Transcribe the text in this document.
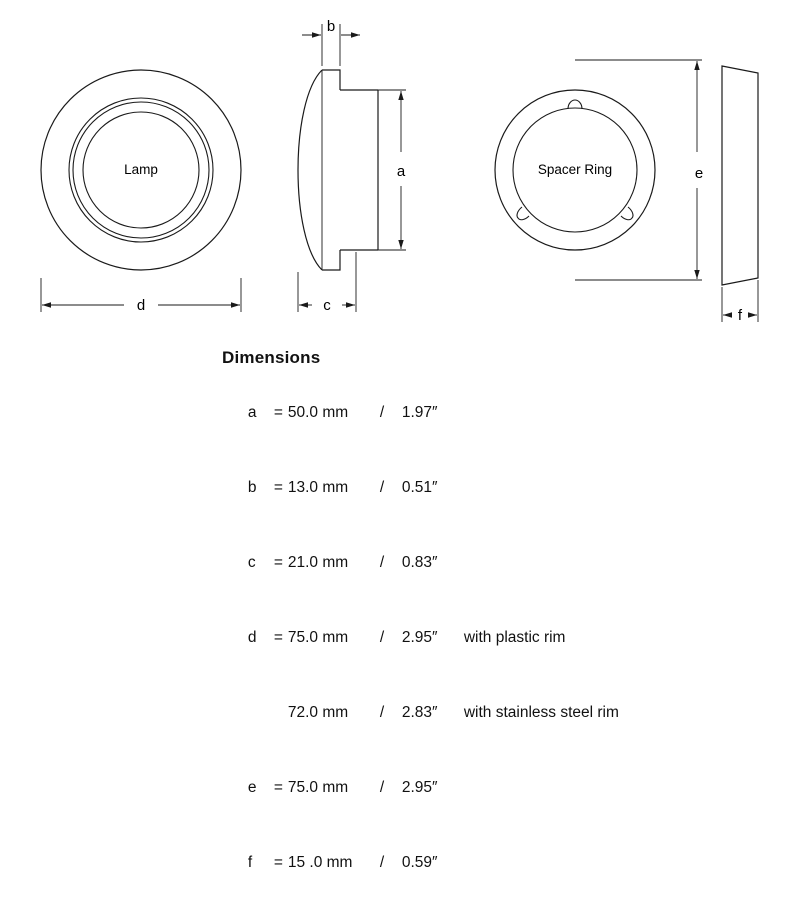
Lamp
d
b
a
c
Spacer Ring	e
f
Dimensions

a = 50.0 mm / 1.97″

b = 13.0 mm / 0.51″

c = 21.0 mm / 0.83″

d = 75.0 mm / 2.95″ with plastic rim

72.0 mm / 2.83″ with stainless steel rim

e = 75.0 mm / 2.95″

f = 15 .0 mm / 0.59″
